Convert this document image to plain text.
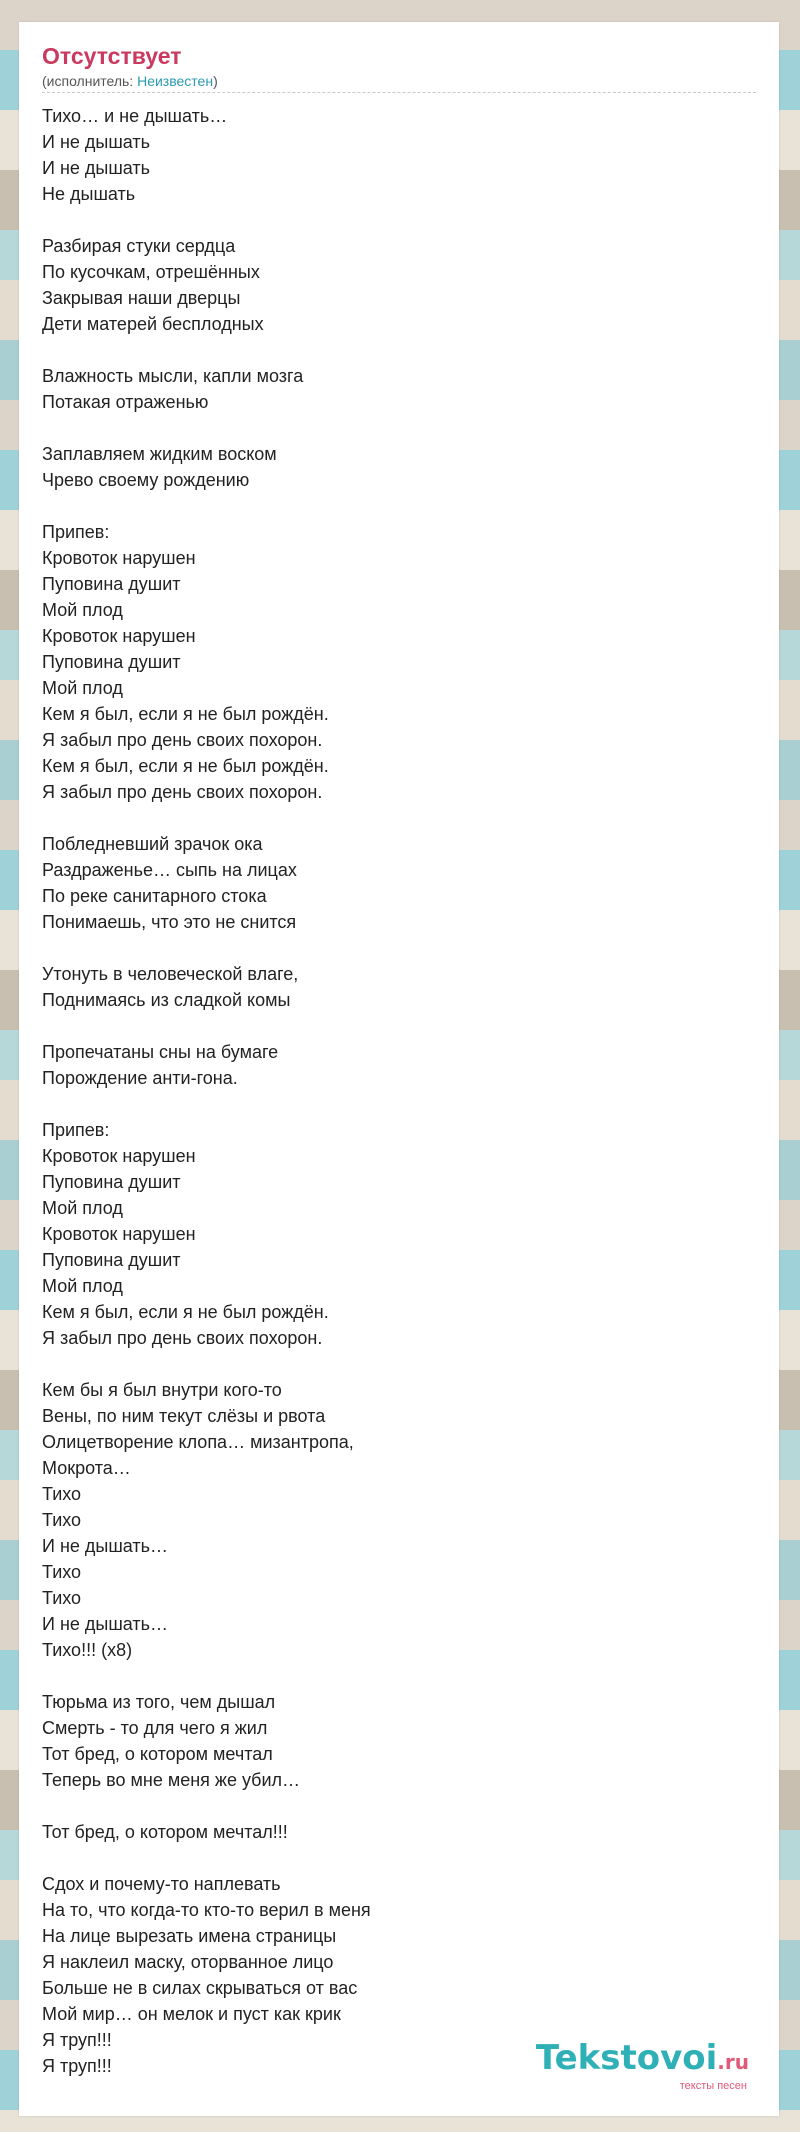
Отсутствует
(исполнитель: Неизвестен)
Тихо… и не дышать…
И не дышать
И не дышать
Не дышать
Разбирая стуки сердца
По кусочкам, отрешённых
Закрывая наши дверцы
Дети матерей бесплодных
Влажность мысли, капли мозга
Потакая отраженью
Заплавляем жидким воском
Чрево своему рождению
Припев:
Кровоток нарушен
Пуповина душит
Мой плод
Кровоток нарушен
Пуповина душит
Мой плод
Кем я был, если я не был рождён.
Я забыл про день своих похорон.
Кем я был, если я не был рождён.
Я забыл про день своих похорон.
Побледневший зрачок ока
Раздраженье… сыпь на лицах
По реке санитарного стока
Понимаешь, что это не снится
Утонуть в человеческой влаге,
Поднимаясь из сладкой комы
Пропечатаны сны на бумаге
Порождение анти-гона.
Припев:
Кровоток нарушен
Пуповина душит
Мой плод
Кровоток нарушен
Пуповина душит
Мой плод
Кем я был, если я не был рождён.
Я забыл про день своих похорон.
Кем бы я был внутри кого-то
Вены, по ним текут слёзы и рвота
Олицетворение клопа… мизантропа,
Мокрота…
Тихо
Тихо
И не дышать…
Тихо
Тихо
И не дышать…
Тихо!!! (x8)
Тюрьма из того, чем дышал
Смерть - то для чего я жил
Тот бред, о котором мечтал
Теперь во мне меня же убил…
Тот бред, о котором мечтал!!!
Сдох и почему-то наплевать
На то, что когда-то кто-то верил в меня
На лице вырезать имена страницы
Я наклеил маску, оторванное лицо
Больше не в силах скрываться от вас
Мой мир… он мелок и пуст как крик
Я труп!!!
Я труп!!!	Tekstovoi.ru
тексты песен
